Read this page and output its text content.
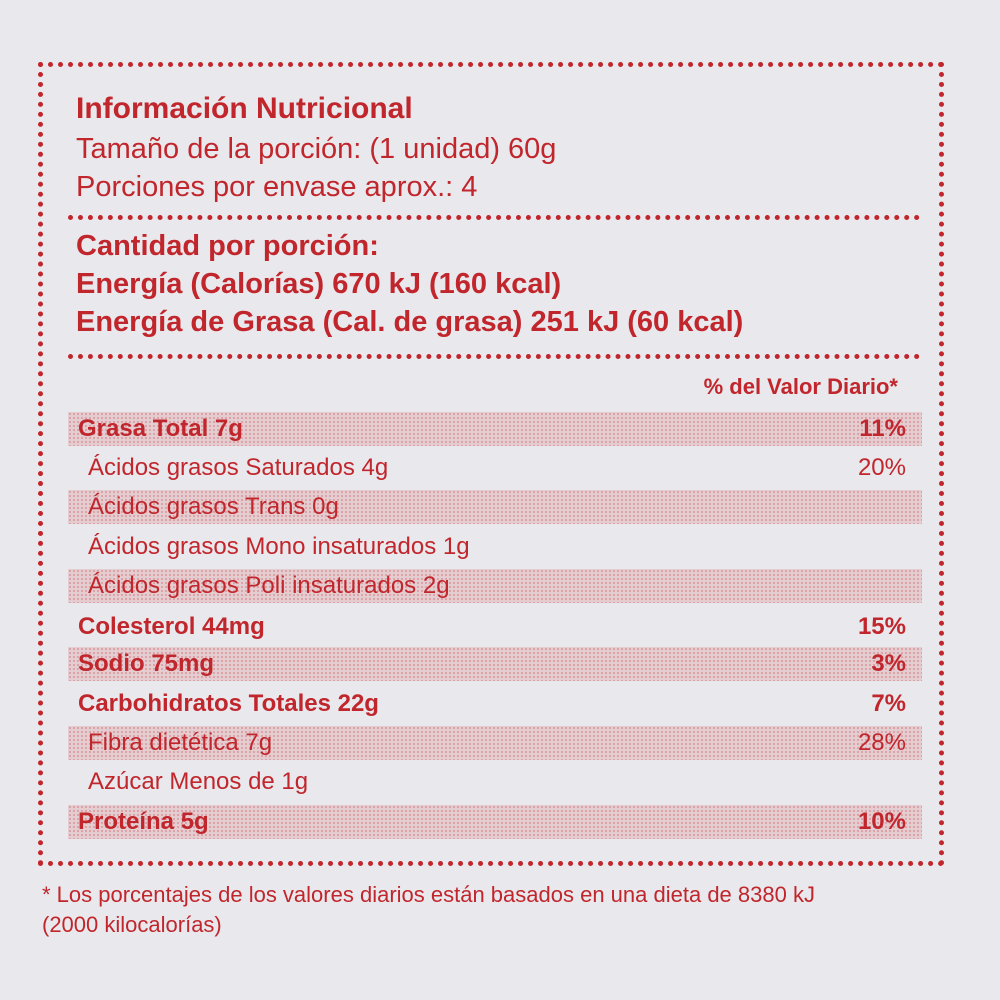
Información Nutricional
Tamaño de la porción: (1 unidad) 60g
Porciones por envase aprox.: 4
Cantidad por porción:
Energía (Calorías) 670 kJ (160 kcal)
Energía de Grasa (Cal. de grasa) 251 kJ (60 kcal)
% del Valor Diario*
Grasa Total 7g	11%
Ácidos grasos Saturados 4g	20%
Ácidos grasos Trans 0g
Ácidos grasos Mono insaturados 1g
Ácidos grasos Poli insaturados 2g
Colesterol 44mg	15%
Sodio 75mg	3%
Carbohidratos Totales 22g	7%
Fibra dietética 7g	28%
Azúcar Menos de 1g
Proteína 5g	10%
* Los porcentajes de los valores diarios están basados en una dieta de 8380 kJ
(2000 kilocalorías)
